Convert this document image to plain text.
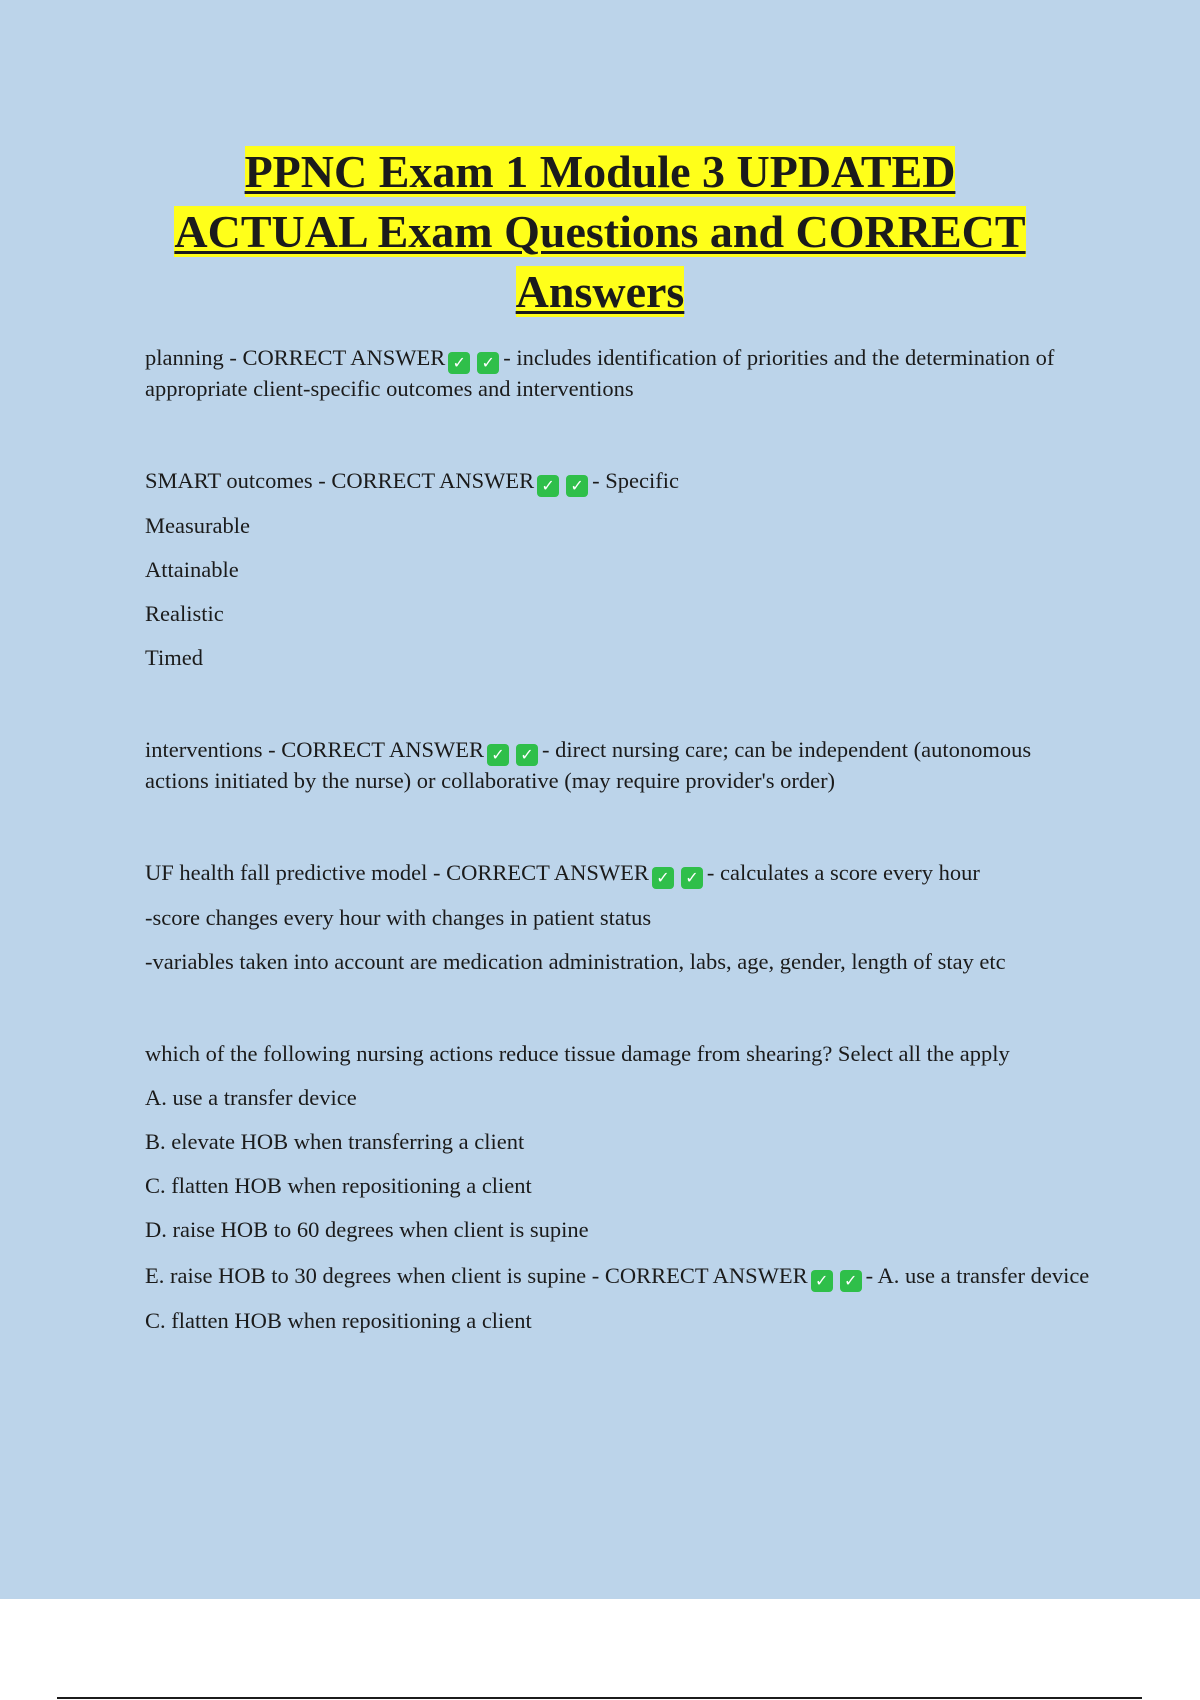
PPNC Exam 1 Module 3 UPDATED
ACTUAL Exam Questions and CORRECT
Answers

planning - CORRECT ANSWER ✓ ✓ - includes identification of priorities and the determination of appropriate client-specific outcomes and interventions

SMART outcomes - CORRECT ANSWER ✓ ✓ - Specific

Measurable

Attainable

Realistic

Timed

interventions - CORRECT ANSWER ✓ ✓ - direct nursing care; can be independent (autonomous actions initiated by the nurse) or collaborative (may require provider's order)

UF health fall predictive model - CORRECT ANSWER ✓ ✓ - calculates a score every hour

-score changes every hour with changes in patient status

-variables taken into account are medication administration, labs, age, gender, length of stay etc

which of the following nursing actions reduce tissue damage from shearing? Select all the apply

A. use a transfer device

B. elevate HOB when transferring a client

C. flatten HOB when repositioning a client

D. raise HOB to 60 degrees when client is supine

E. raise HOB to 30 degrees when client is supine - CORRECT ANSWER ✓ ✓ - A. use a transfer device

C. flatten HOB when repositioning a client
